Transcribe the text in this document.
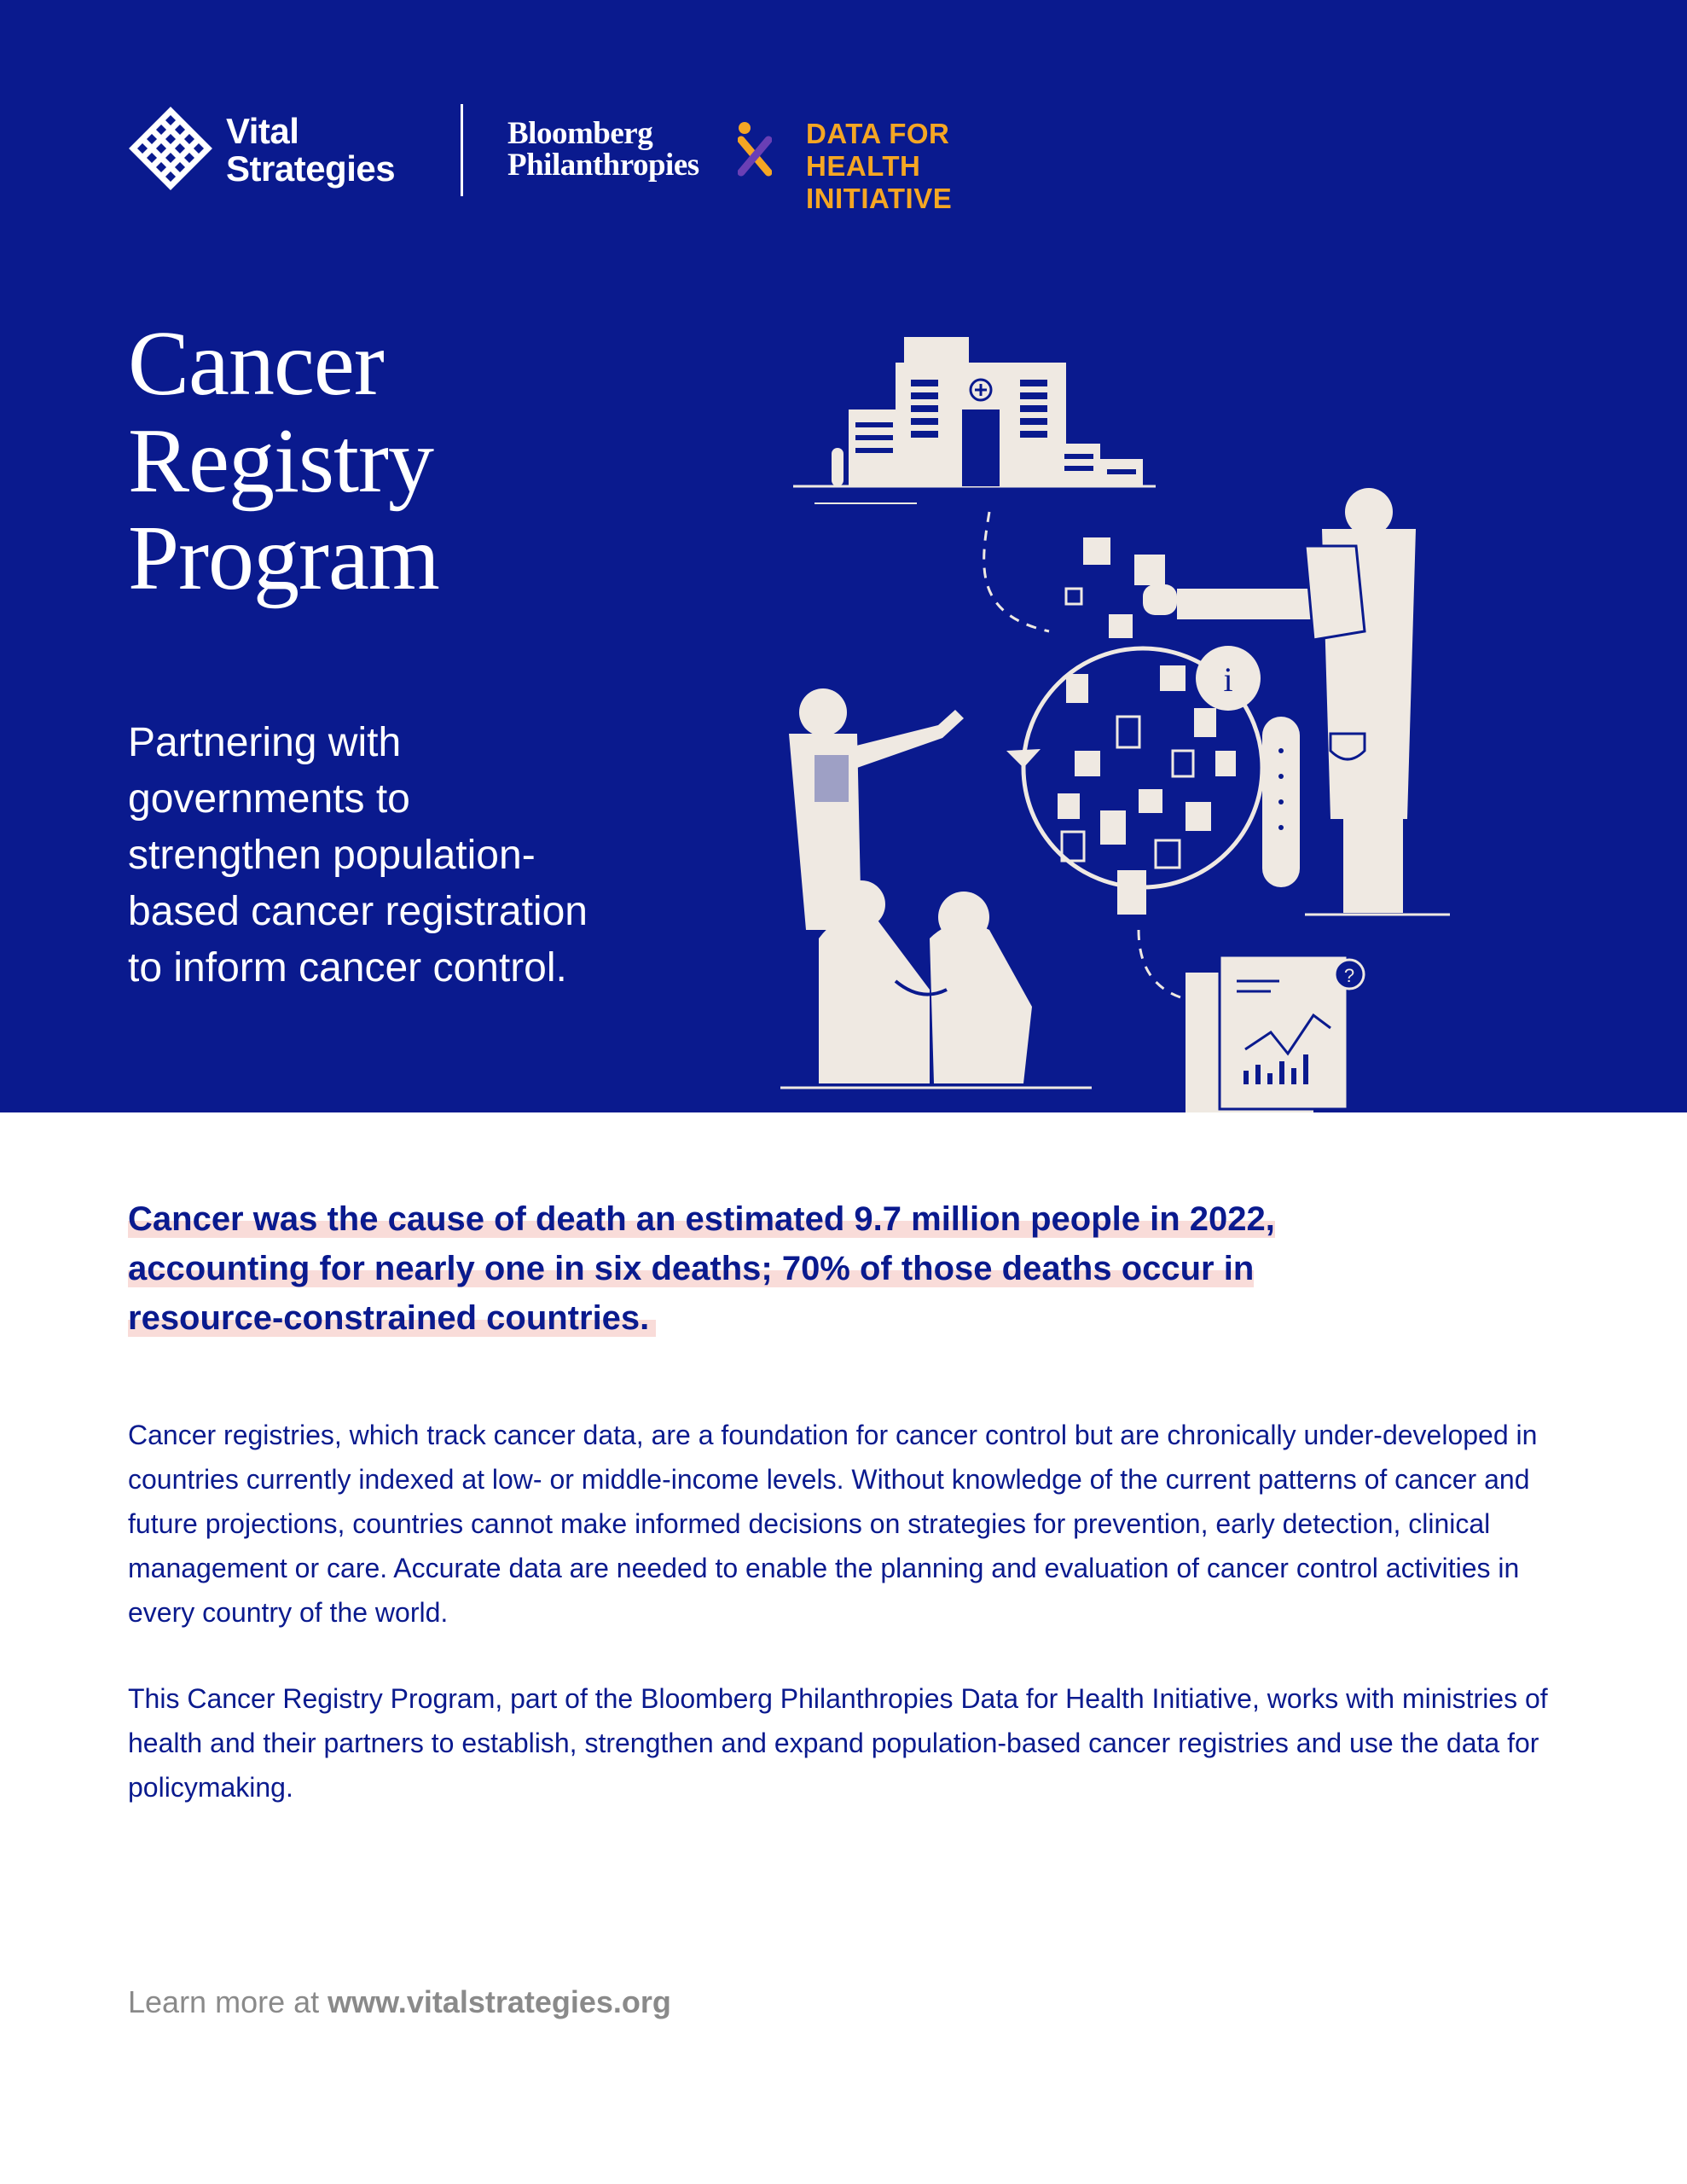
Vital
Strategies
Bloomberg
Philanthropies
DATA FOR
HEALTH INITIATIVE
Cancer
Registry
Program

Partnering with governments to strengthen population-based cancer registration to inform cancer control.

i
?

Cancer was the cause of death an estimated 9.7 million people in 2022, accounting for nearly one in six deaths; 70% of those deaths occur in resource-constrained countries.

Cancer registries, which track cancer data, are a foundation for cancer control but are chronically under-developed in countries currently indexed at low- or middle-income levels. Without knowledge of the current patterns of cancer and future projections, countries cannot make informed decisions on strategies for prevention, early detection, clinical management or care. Accurate data are needed to enable the planning and evaluation of cancer control activities in every country of the world.

This Cancer Registry Program, part of the Bloomberg Philanthropies Data for Health Initiative, works with ministries of health and their partners to establish, strengthen and expand population-based cancer registries and use the data for policymaking.

Learn more at www.vitalstrategies.org
